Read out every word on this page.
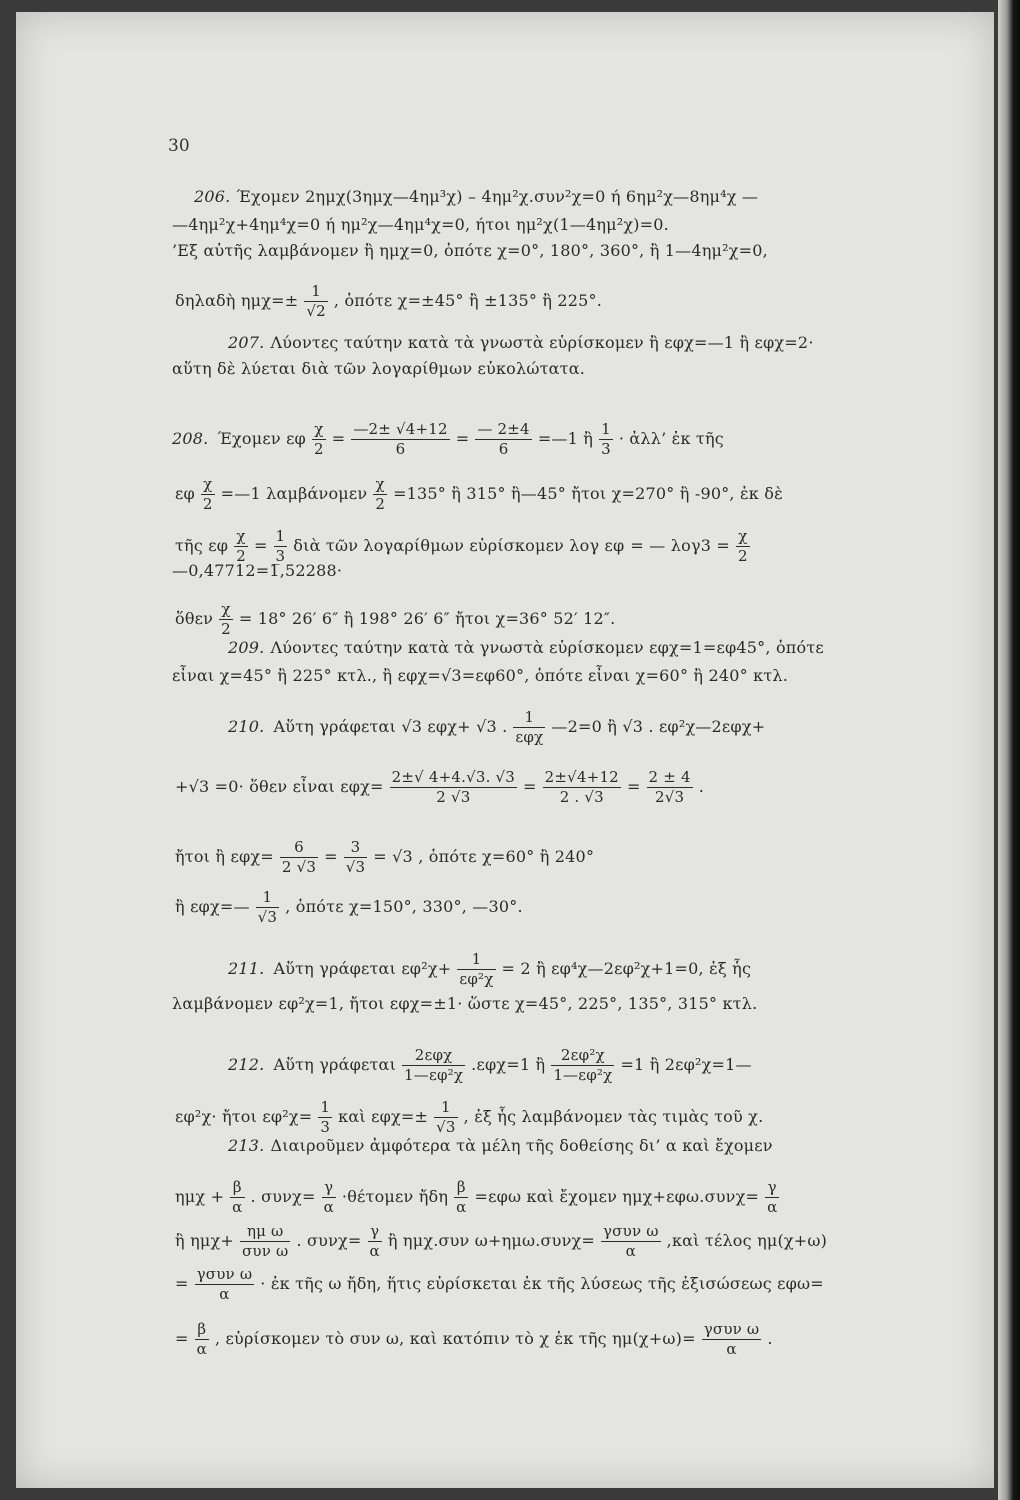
30
206. Έχομεν 2ημχ(3ημχ—4ημ³χ) – 4ημ²χ.συν²χ=0 ή 6ημ²χ—8ημ⁴χ —
—4ημ²χ+4ημ⁴χ=0 ή ημ²χ—4ημ⁴χ=0, ήτοι ημ²χ(1—4ημ²χ)=0.
’Εξ αὐτῆς λαμβάνομεν ἢ ημχ=0, ὁπότε χ=0°, 180°, 360°, ἢ 1—4ημ²χ=0,
δηλαδὴ $\eta\mu\chi=\pm \frac{1}{√2}$ , ὁπότε χ=±45° ἢ ±135° ἢ 225°.
207. Λύοντες ταύτην κατὰ τὰ γνωστὰ εὑρίσκομεν ἢ εφχ=—1 ἢ εφχ=2·
αὕτη δὲ λύεται διὰ τῶν λογαρίθμων εὐκολώτατα.
208. Έχομεν εφ $\frac{\chi}{2} = \frac{—2\pm √4+12}{6} = \frac{— 2\pm 4}{6}$ =—1 ἢ $\frac{1}{3}$ · ἀλλ’ ἐκ τῆς
εφ $\frac{\chi}{2}$ =—1 λαμβάνομεν $\frac{\chi}{2} =135^\circ$ ἢ 315° ἢ—45° ἤτοι χ=270° ἢ -90°, ἐκ δὲ
τῆς εφ $\frac{\chi}{2} = \frac{1}{3}$ διὰ τῶν λογαρίθμων εὑρίσκομεν λογ εφ = — $\lambda o\gamma 3 = \frac{\chi}{2}$
—0,47712=1̅,52288·
ὅθεν $\frac{\chi}{2} = 18^\circ$ 26′ 6″ ἢ 198° 26′ 6″ ἤτοι χ=36° 52′ 12″.
209. Λύοντες ταύτην κατὰ τὰ γνωστὰ εὑρίσκομεν εφχ=1=εφ45°, ὁπότε
εἶναι χ=45° ἢ 225° κτλ., ἢ εφχ=√3=εφ60°, ὁπότε εἶναι χ=60° ἢ 240° κτλ.
210. Αὕτη γράφεται √3 εφχ+ √3 . $\frac{1}{\text{εφχ}}$ —2=0 ἢ √3 . εφ²χ—2εφχ+
+√3 =0· ὅθεν εἶναι $\varepsilon\varphi\chi= \frac{2\pm√ 4+4.√3. √3}{2 √3} = \frac{2\pm√4+12}{2 . √3} = \frac{2 \pm 4}{2√3}$ .
ἤτοι ἢ $\varepsilon\varphi\chi= \frac{6}{2 √3} = \frac{3}{√3} = √3$ , ὁπότε χ=60° ἢ 240°
ἢ εφχ=— $\frac{1}{√3}$ , ὁπότε χ=150°, 330°, —30°.
211. Αὕτη γράφεται $\varepsilon\varphi^2\chi+ \frac{1}{\text{εφ²χ}} = 2$ ἢ εφ⁴χ—2εφ²χ+1=0, ἐξ ἧς
λαμβάνομεν εφ²χ=1, ἤτοι εφχ=±1· ὥστε χ=45°, 225°, 135°, 315° κτλ.
212. Αὕτη γράφεται $\frac{\text{2εφχ}}{\text{1—εφ²χ}} .\varepsilon\varphi\chi=1$ ἢ $\frac{\text{2εφ²χ}}{\text{1—εφ²χ}} =1$ ἢ 2εφ²χ=1—
εφ²χ· ἤτοι $\varepsilon\varphi^2\chi= \frac{1}{3}$ καὶ $\varepsilon\varphi\chi=\pm \frac{1}{√3}$ , ἐξ ἧς λαμβάνομεν τὰς τιμὰς τοῦ χ.
213. Διαιροῦμεν ἀμφότερα τὰ μέλη τῆς δοθείσης δι’ α καὶ ἔχομεν
$\eta\mu\chi + \frac{\beta}{\alpha}$ . $\sigma\upsilon\nu\chi= \frac{\gamma}{\alpha} \cdot\theta έ\tau o\mu\varepsilon\nu$ ἤδη $\frac{\beta}{\alpha} =\varepsilon\varphi\omega$ καὶ ἔχομεν $\eta\mu\chi+\varepsilon\varphi\omega.\sigma\upsilon\nu\chi= \frac{\gamma}{\alpha}$
ἢ $\eta\mu\chi+ \frac{\text{ημ ω}}{\text{συν ω}}$ . $\sigma\upsilon\nu\chi= \frac{\gamma}{\alpha}$ ἢ ημχ.συν $\omega+\eta\mu\omega.\sigma\upsilon\nu\chi= \frac{\text{γσυν ω}}{\alpha}$ ,καὶ τέλος ημ(χ+ω)
= $\frac{\text{γσυν ω}}{\alpha}$ · ἐκ τῆς ω ἤδη, ἥτις εὑρίσκεται ἐκ τῆς λύσεως τῆς ἐξισώσεως εφω=
= $\frac{\beta}{\alpha}$ , εὑρίσκομεν τὸ συν ω, καὶ κατόπιν τὸ χ ἐκ τῆς $\eta\mu(\chi+\omega)= \frac{\text{γσυν ω}}{\alpha}$ .
